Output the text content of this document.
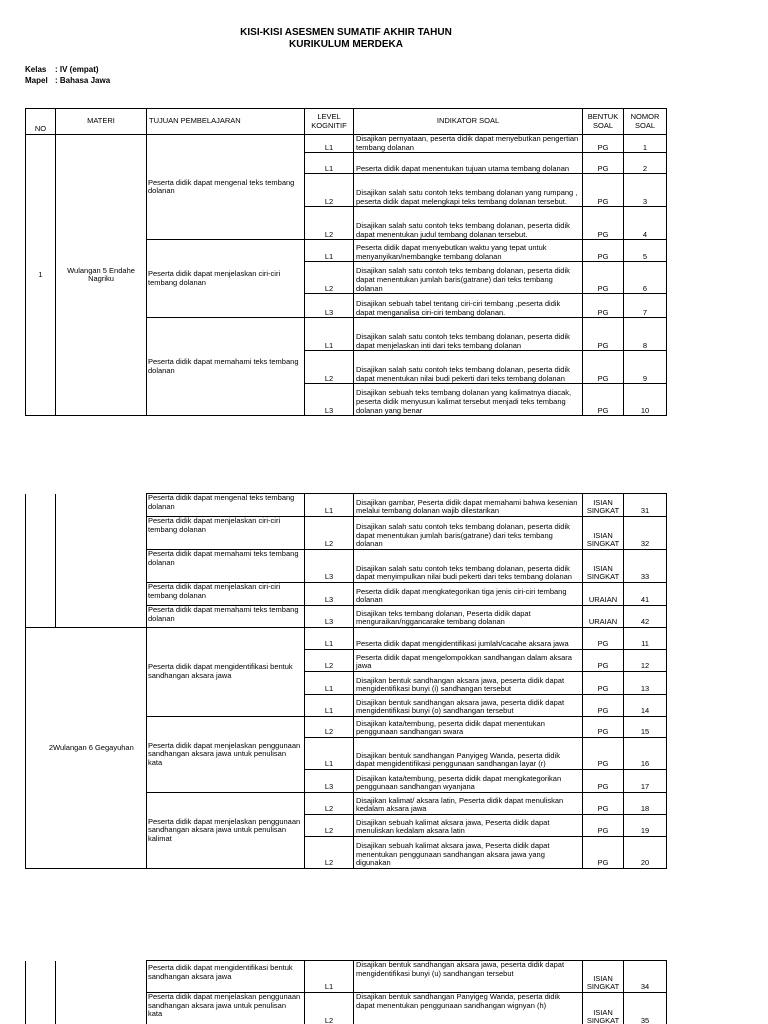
KISI-KISI ASESMEN SUMATIF AKHIR TAHUN
KURIKULUM MERDEKA
Kelas : IV (empat)
Mapel : Bahasa Jawa
NO	MATERI	TUJUAN PEMBELAJARAN	LEVEL KOGNITIF	INDIKATOR SOAL	BENTUK SOAL	NOMOR SOAL
1	Wulangan 5 Endahe Nagriku	Peserta didik dapat mengenal teks tembang dolanan	L1	Disajikan pernyataan, peserta didik dapat menyebutkan pengertian tembang dolanan	PG	1
			L1	Peserta didik dapat menentukan tujuan utama tembang dolanan	PG	2
			L2	Disajikan salah satu contoh teks tembang dolanan yang rumpang , peserta didik dapat melengkapi teks tembang dolanan tersebut.	PG	3
			L2	Disajikan salah satu contoh teks tembang dolanan, peserta didik dapat menentukan judul tembang dolanan tersebut.	PG	4
		Peserta didik dapat menjelaskan ciri-ciri tembang dolanan	L1	Peserta didik dapat menyebutkan waktu yang tepat untuk menyanyikan/nembangke tembang dolanan	PG	5
			L2	Disajikan salah satu contoh teks tembang dolanan, peserta didik dapat menentukan jumlah baris(gatrane) dari teks tembang dolanan	PG	6
			L3	Disajikan sebuah tabel tentang ciri-ciri tembang ,peserta didik dapat menganalisa ciri-ciri tembang dolanan.	PG	7
		Peserta didik dapat memahami teks tembang dolanan	L1	Disajikan salah satu contoh teks tembang dolanan, peserta didik dapat menjelaskan inti dari teks tembang dolanan	PG	8
			L2	Disajikan salah satu contoh teks tembang dolanan, peserta didik dapat menentukan nilai budi pekerti dari teks tembang dolanan	PG	9
			L3	Disajikan sebuah teks tembang dolanan yang kalimatnya diacak, peserta didik menyusun kalimat tersebut menjadi teks tembang dolanan yang benar	PG	10
		Peserta didik dapat mengenal teks tembang dolanan	L1	Disajikan gambar, Peserta didik dapat memahami bahwa kesenian melalui tembang dolanan wajib dilestarikan	ISIAN SINGKAT	31
		Peserta didik dapat menjelaskan ciri-ciri tembang dolanan	L2	Disajikan salah satu contoh teks tembang dolanan, peserta didik dapat menentukan jumlah baris(gatrane) dari teks tembang dolanan	ISIAN SINGKAT	32
		Peserta didik dapat memahami teks tembang dolanan	L3	Disajikan salah satu contoh teks tembang dolanan, peserta didik dapat menyimpulkan nilai budi pekerti dari teks tembang dolanan	ISIAN SINGKAT	33
		Peserta didik dapat menjelaskan ciri-ciri tembang dolanan	L3	Peserta didik dapat mengkategorikan tiga jenis ciri-ciri tembang dolanan	URAIAN	41
		Peserta didik dapat memahami teks tembang dolanan	L3	Disajikan teks tembang dolanan, Peserta didik dapat menguraikan/nggancarake tembang dolanan	URAIAN	42
2Wulangan 6 Gegayuhan		Peserta didik dapat mengidentifikasi bentuk sandhangan aksara jawa	L1	Peserta didik dapat mengidentifikasi jumlah/cacahe aksara jawa	PG	11
			L2	Peserta didik dapat mengelompokkan sandhangan dalam aksara jawa	PG	12
			L1	Disajikan bentuk sandhangan aksara jawa, peserta didik dapat mengidentifikasi bunyi (i) sandhangan tersebut	PG	13
			L1	Disajikan bentuk sandhangan aksara jawa, peserta didik dapat mengidentifikasi bunyi (o) sandhangan tersebut	PG	14
		Peserta didik dapat menjelaskan penggunaan sandhangan aksara jawa untuk penulisan kata	L2	Disajikan kata/tembung, peserta didik dapat menentukan penggunaan sandhangan swara	PG	15
			L1	Disajikan bentuk sandhangan Panyigeg Wanda, peserta didik dapat mengidentifikasi penggunaan sandhangan layar (r)	PG	16
			L3	Disajikan kata/tembung, peserta didik dapat mengkategorikan penggunaan sandhangan wyanjana	PG	17
		Peserta didik dapat menjelaskan penggunaan sandhangan aksara jawa untuk penulisan kalimat	L2	Disajikan kalimat/ aksara latin, Peserta didik dapat menuliskan kedalam aksara jawa	PG	18
			L2	Disajikan sebuah kalimat aksara jawa, Peserta didik dapat menuliskan kedalam aksara latin	PG	19
			L2	Disajikan sebuah kalimat aksara jawa, Peserta didik dapat menentukan penggunaan sandhangan aksara jawa yang digunakan	PG	20
		Peserta didik dapat mengidentifikasi bentuk sandhangan aksara jawa	L1	Disajikan bentuk sandhangan aksara jawa, peserta didik dapat mengidentifikasi bunyi (u) sandhangan tersebut	ISIAN SINGKAT	34
		Peserta didik dapat menjelaskan penggunaan sandhangan aksara jawa untuk penulisan kata	L2	Disajikan bentuk sandhangan Panyigeg Wanda, peserta didik dapat menentukan penggunaan sandhangan wignyan (h)	ISIAN SINGKAT	35
